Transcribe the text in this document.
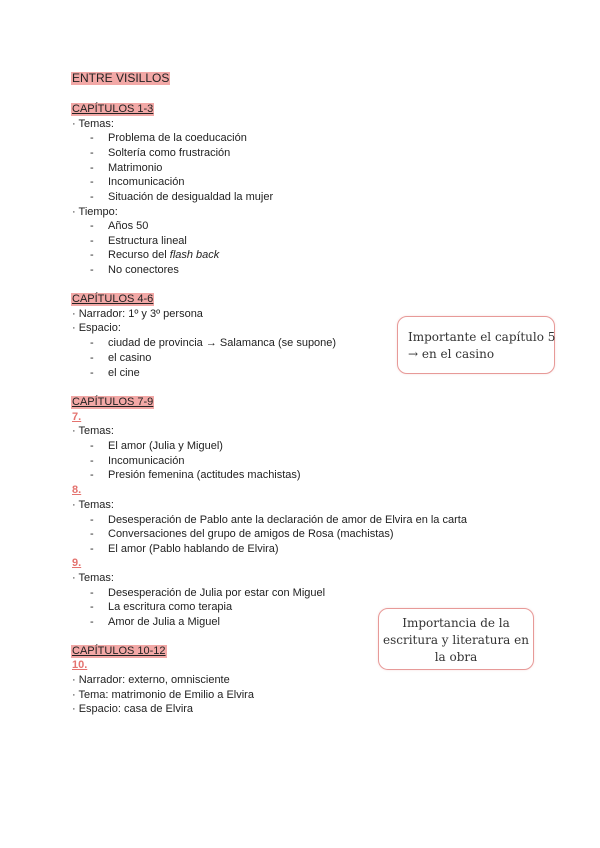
ENTRE VISILLOS
CAPÍTULOS 1-3
· Temas:
- Problema de la coeducación
- Soltería como frustración
- Matrimonio
- Incomunicación
- Situación de desigualdad la mujer
· Tiempo:
- Años 50
- Estructura lineal
- Recurso del flash back
- No conectores
CAPÍTULOS 4-6
· Narrador: 1º y 3º persona
· Espacio:
- ciudad de provincia → Salamanca (se supone)
- el casino
- el cine
CAPÍTULOS 7-9
7.
· Temas:
- El amor (Julia y Miguel)
- Incomunicación
- Presión femenina (actitudes machistas)
8.
· Temas:
- Desesperación de Pablo ante la declaración de amor de Elvira en la carta
- Conversaciones del grupo de amigos de Rosa (machistas)
- El amor (Pablo hablando de Elvira)
9.
· Temas:
- Desesperación de Julia por estar con Miguel
- La escritura como terapia
- Amor de Julia a Miguel
CAPÍTULOS 10-12
10.
· Narrador: externo, omnisciente
· Tema: matrimonio de Emilio a Elvira
· Espacio: casa de Elvira
Importante el capítulo 5
→ en el casino
Importancia de la
escritura y literatura en
la obra
